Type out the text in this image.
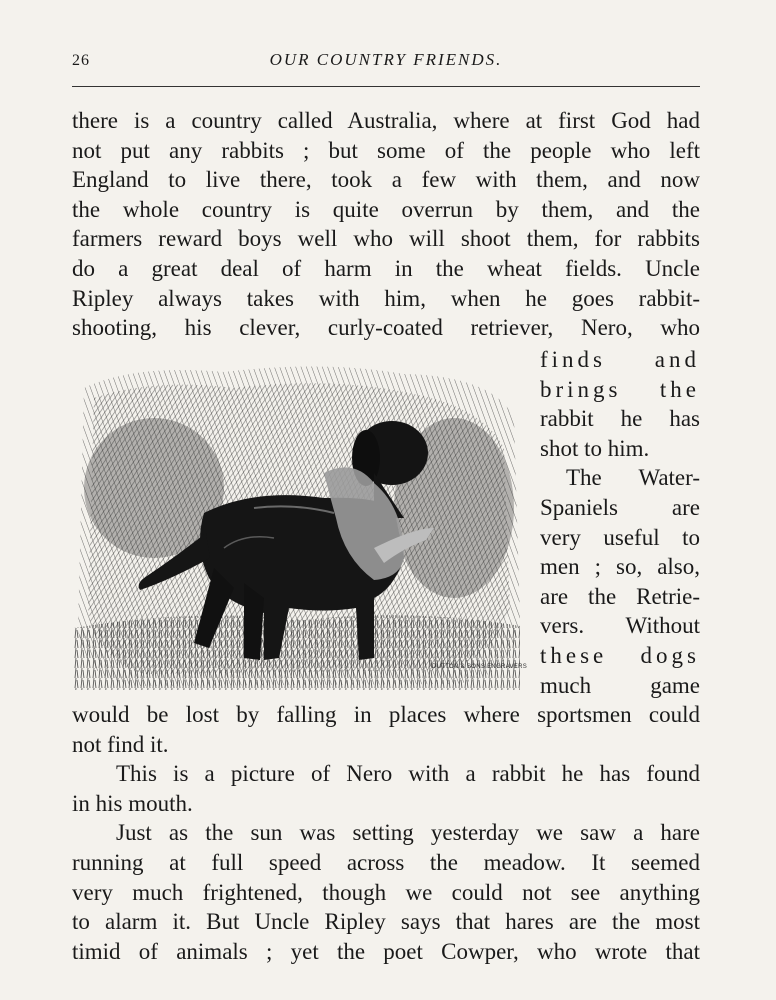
26	OUR COUNTRY FRIENDS.
there is a country called Australia, where at first God had
not put any rabbits ; but some of the people who left
England to live there, took a few with them, and now
the whole country is quite overrun by them, and the
farmers reward boys well who will shoot them, for rabbits
do a great deal of harm in the wheat fields. Uncle
Ripley always takes with him, when he goes rabbit-
shooting, his clever, curly-coated retriever, Nero, who
DUTTON & SONS ENGRAVERS
finds and
brings the
rabbit he has
shot to him.
The Water-
Spaniels are
very useful to
men ; so, also,
are the Retrie-
vers. Without
these dogs
much game
would be lost by falling in places where sportsmen could
not find it.
This is a picture of Nero with a rabbit he has found
in his mouth.
Just as the sun was setting yesterday we saw a hare
running at full speed across the meadow. It seemed
very much frightened, though we could not see anything
to alarm it. But Uncle Ripley says that hares are the most
timid of animals ; yet the poet Cowper, who wrote that
